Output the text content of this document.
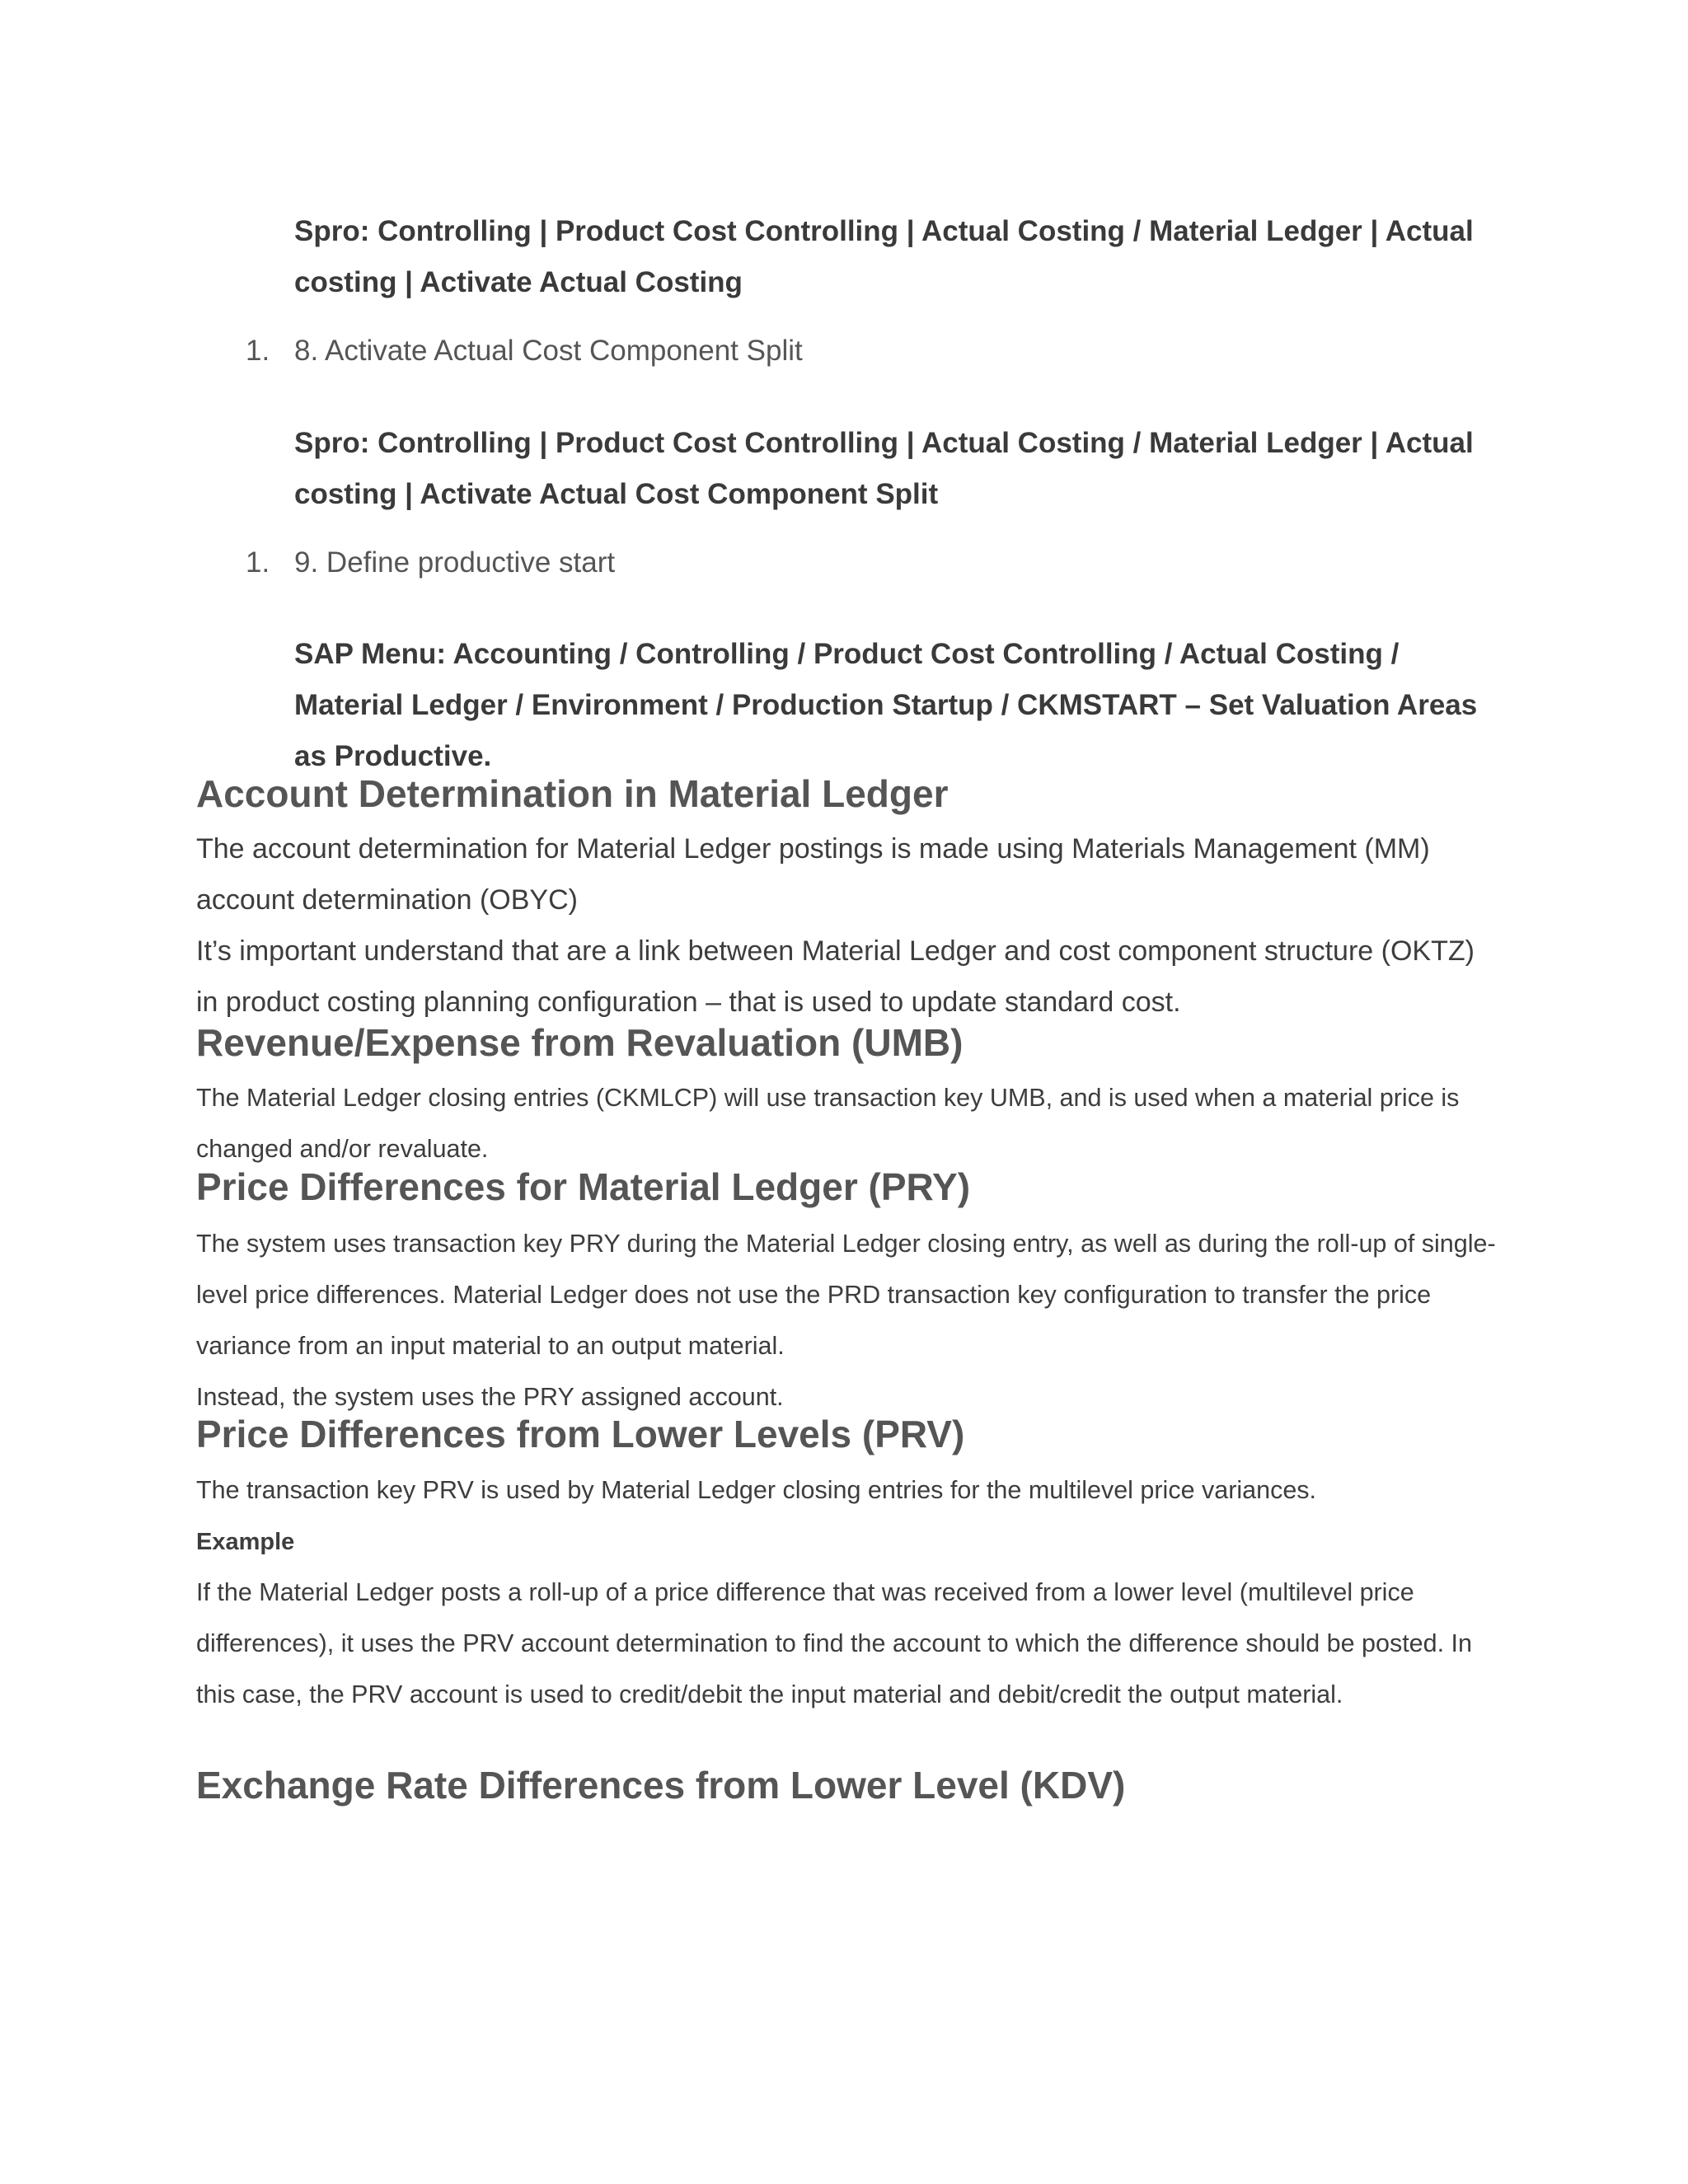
Spro: Controlling | Product Cost Controlling | Actual Costing / Material Ledger | Actual costing | Activate Actual Costing

1. 8. Activate Actual Cost Component Split

Spro: Controlling | Product Cost Controlling | Actual Costing / Material Ledger | Actual costing | Activate Actual Cost Component Split

1. 9. Define productive start

SAP Menu: Accounting / Controlling / Product Cost Controlling / Actual Costing / Material Ledger / Environment / Production Startup / CKMSTART – Set Valuation Areas as Productive.

Account Determination in Material Ledger

The account determination for Material Ledger postings is made using Materials Management (MM) account determination (OBYC)

It’s important understand that are a link between Material Ledger and cost component structure (OKTZ) in product costing planning configuration – that is used to update standard cost.

Revenue/Expense from Revaluation (UMB)

The Material Ledger closing entries (CKMLCP) will use transaction key UMB, and is used when a material price is changed and/or revaluate.

Price Differences for Material Ledger (PRY)

The system uses transaction key PRY during the Material Ledger closing entry, as well as during the roll-up of single-level price differences. Material Ledger does not use the PRD transaction key configuration to transfer the price variance from an input material to an output material.

Instead, the system uses the PRY assigned account.

Price Differences from Lower Levels (PRV)

The transaction key PRV is used by Material Ledger closing entries for the multilevel price variances.

Example

If the Material Ledger posts a roll-up of a price difference that was received from a lower level (multilevel price differences), it uses the PRV account determination to find the account to which the difference should be posted. In this case, the PRV account is used to credit/debit the input material and debit/credit the output material.

Exchange Rate Differences from Lower Level (KDV)
